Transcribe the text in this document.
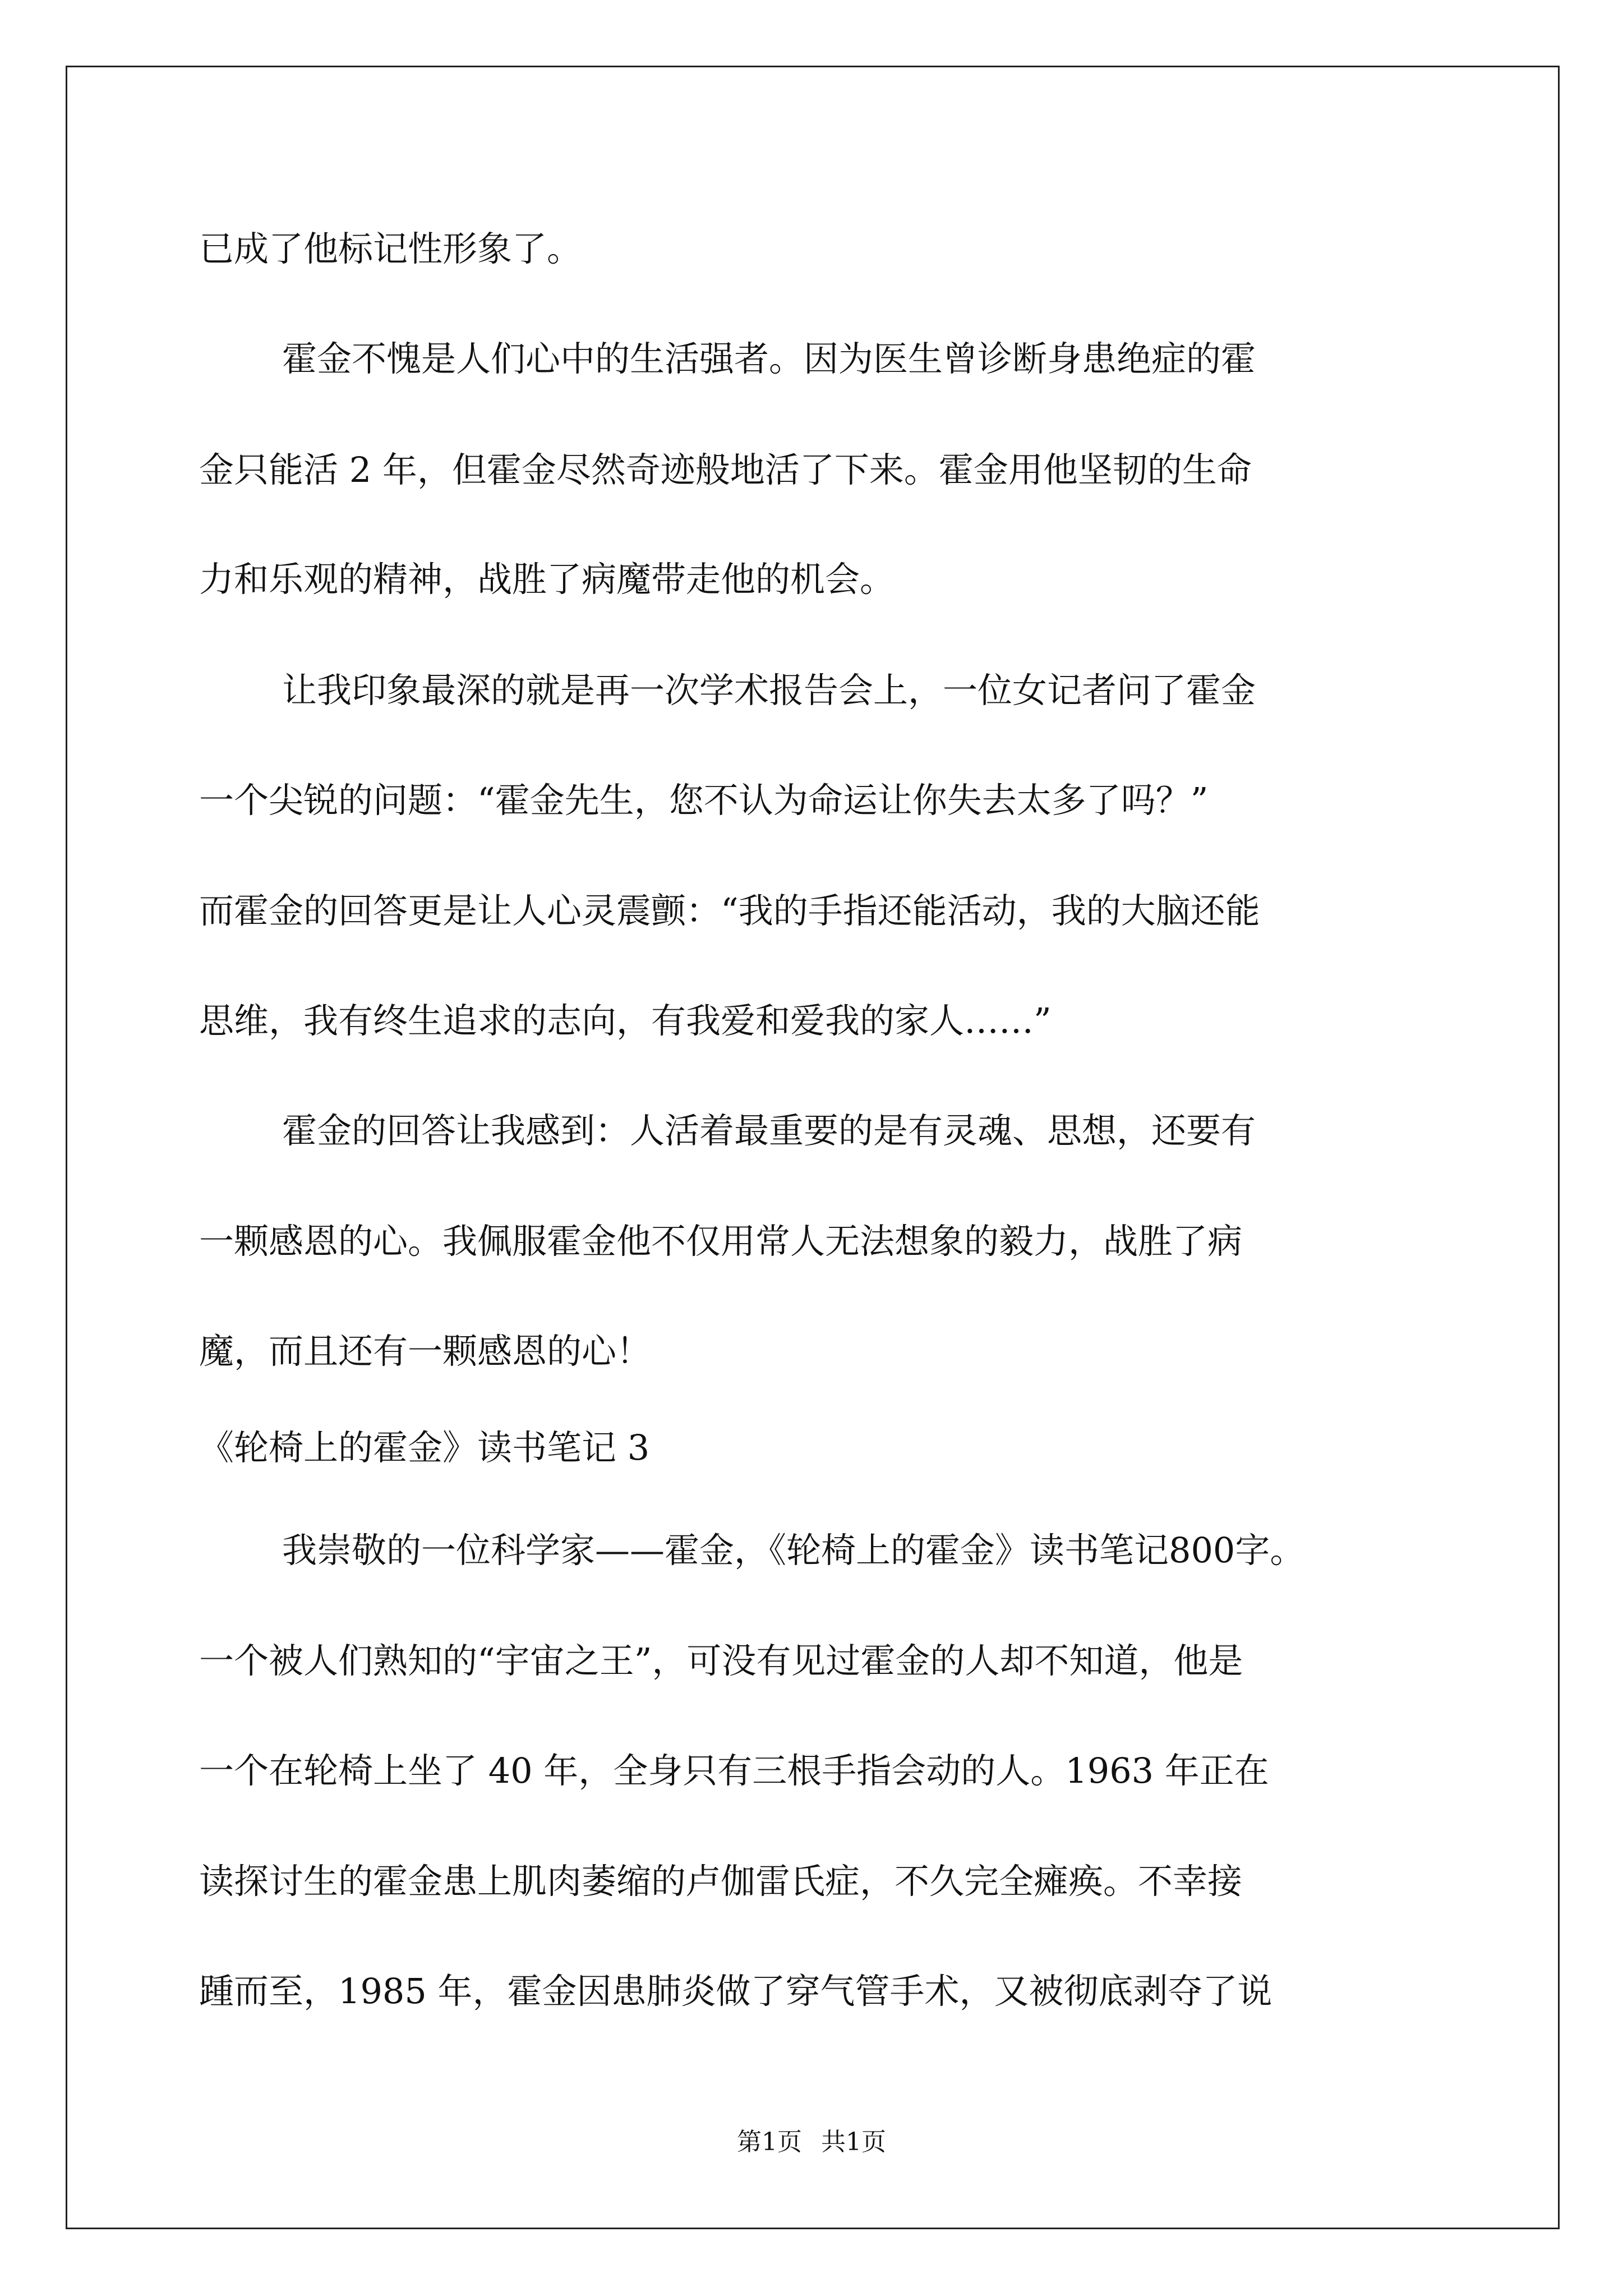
已成了他标记性形象了。
霍金不愧是人们心中的生活强者。因为医生曾诊断身患绝症的霍
金只能活 2 年，但霍金尽然奇迹般地活了下来。霍金用他坚韧的生命
力和乐观的精神，战胜了病魔带走他的机会。
让我印象最深的就是再一次学术报告会上，一位女记者问了霍金
一个尖锐的问题：“霍金先生，您不认为命运让你失去太多了吗？”
而霍金的回答更是让人心灵震颤：“我的手指还能活动，我的大脑还能
思维，我有终生追求的志向，有我爱和爱我的家人……”
霍金的回答让我感到：人活着最重要的是有灵魂、思想，还要有
一颗感恩的心。我佩服霍金他不仅用常人无法想象的毅力，战胜了病
魔，而且还有一颗感恩的心！
《轮椅上的霍金》读书笔记 3
我崇敬的一位科学家——霍金，《轮椅上的霍金》读书笔记800字。
一个被人们熟知的“宇宙之王”，可没有见过霍金的人却不知道，他是
一个在轮椅上坐了 40 年，全身只有三根手指会动的人。1963 年正在
读探讨生的霍金患上肌肉萎缩的卢伽雷氏症，不久完全瘫痪。不幸接
踵而至，1985 年，霍金因患肺炎做了穿气管手术，又被彻底剥夺了说
第1页 共1页
